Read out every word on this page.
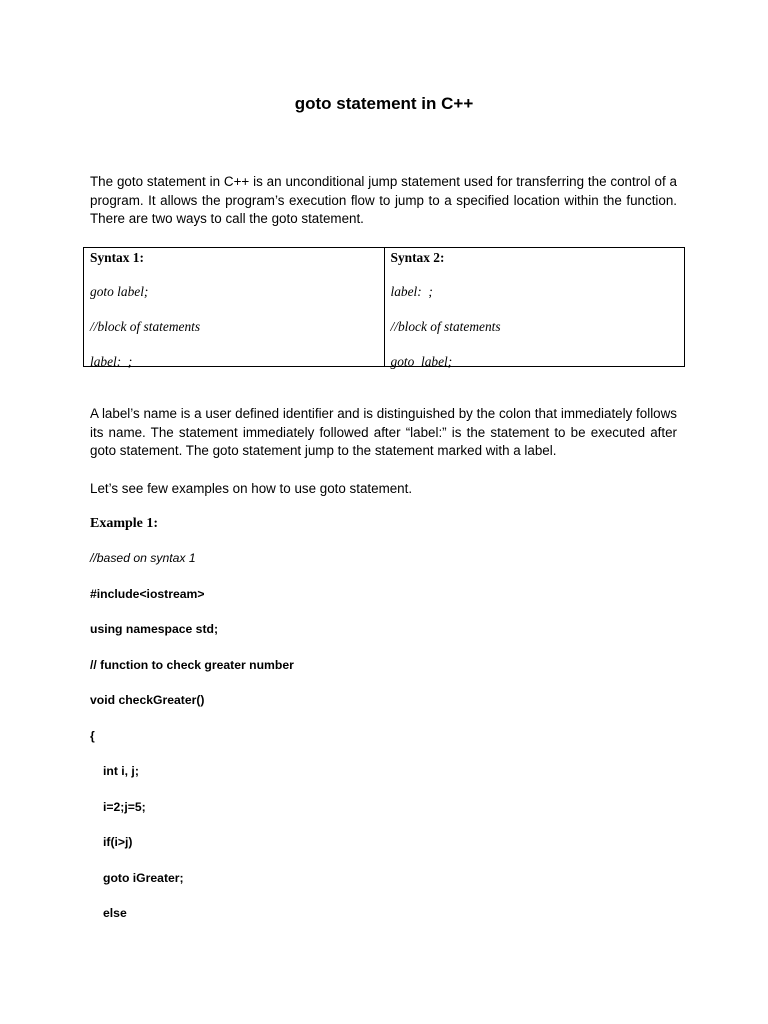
goto statement in C++
The goto statement in C++ is an unconditional jump statement used for transferring the control of a program. It allows the program’s execution flow to jump to a specified location within the function. There are two ways to call the goto statement.
Syntax 1:
goto label;
//block of statements
label:  ;
Syntax 2:
label:  ;
//block of statements
goto  label;
A label’s name is a user defined identifier and is distinguished by the colon that immediately follows its name. The statement immediately followed after “label:” is the statement to be executed after goto statement. The goto statement jump to the statement marked with a label.
Let’s see few examples on how to use goto statement.
Example 1:
//based on syntax 1
#include<iostream>
using namespace std;
// function to check greater number
void checkGreater()
{
int i, j;
i=2;j=5;
if(i>j)
goto iGreater;
else
